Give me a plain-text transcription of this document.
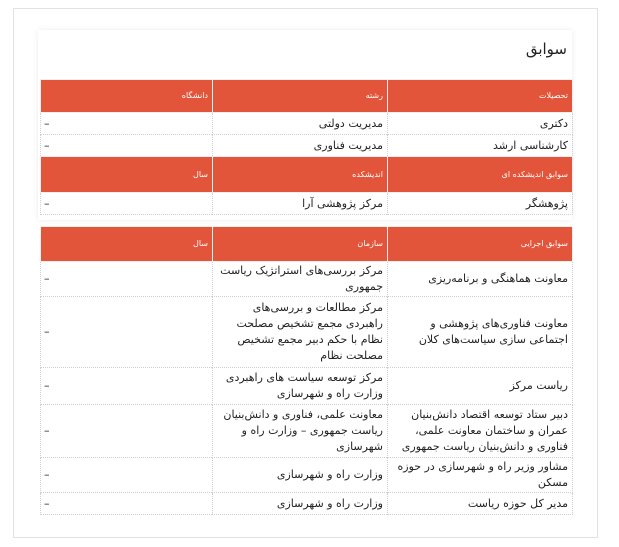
سوابق
تحصیلات	رشته	دانشگاه
دکتری	مدیریت دولتی	–
کارشناسی ارشد	مدیریت فناوری	–
سوابق اندیشکده ای	اندیشکده	سال
پژوهشگر	مرکز پژوهشی آرا	–
سوابق اجرایی	سازمان	سال
معاونت هماهنگی و برنامه‌ریزی	مرکز بررسی‌های استراتژیک ریاست جمهوری	–
معاونت فناوری‌های پژوهشی و اجتماعی سازی سیاست‌های کلان	مرکز مطالعات و بررسی‌های راهبردی مجمع تشخیص مصلحت نظام با حکم دبیر مجمع تشخیص مصلحت نظام	–
ریاست مرکز	مرکز توسعه سیاست های راهبردی وزارت راه و شهرسازی	–
دبیر ستاد توسعه اقتصاد دانش‌بنیان عمران و ساختمان معاونت علمی، فناوری و دانش‌بنیان ریاست جمهوری	معاونت علمی، فناوری و دانش‌بنیان ریاست جمهوری – وزارت راه و شهرسازی	–
مشاور وزیر راه و شهرسازی در حوزه مسکن	وزارت راه و شهرسازی	–
مدیر کل حوزه ریاست	وزارت راه و شهرسازی	–
